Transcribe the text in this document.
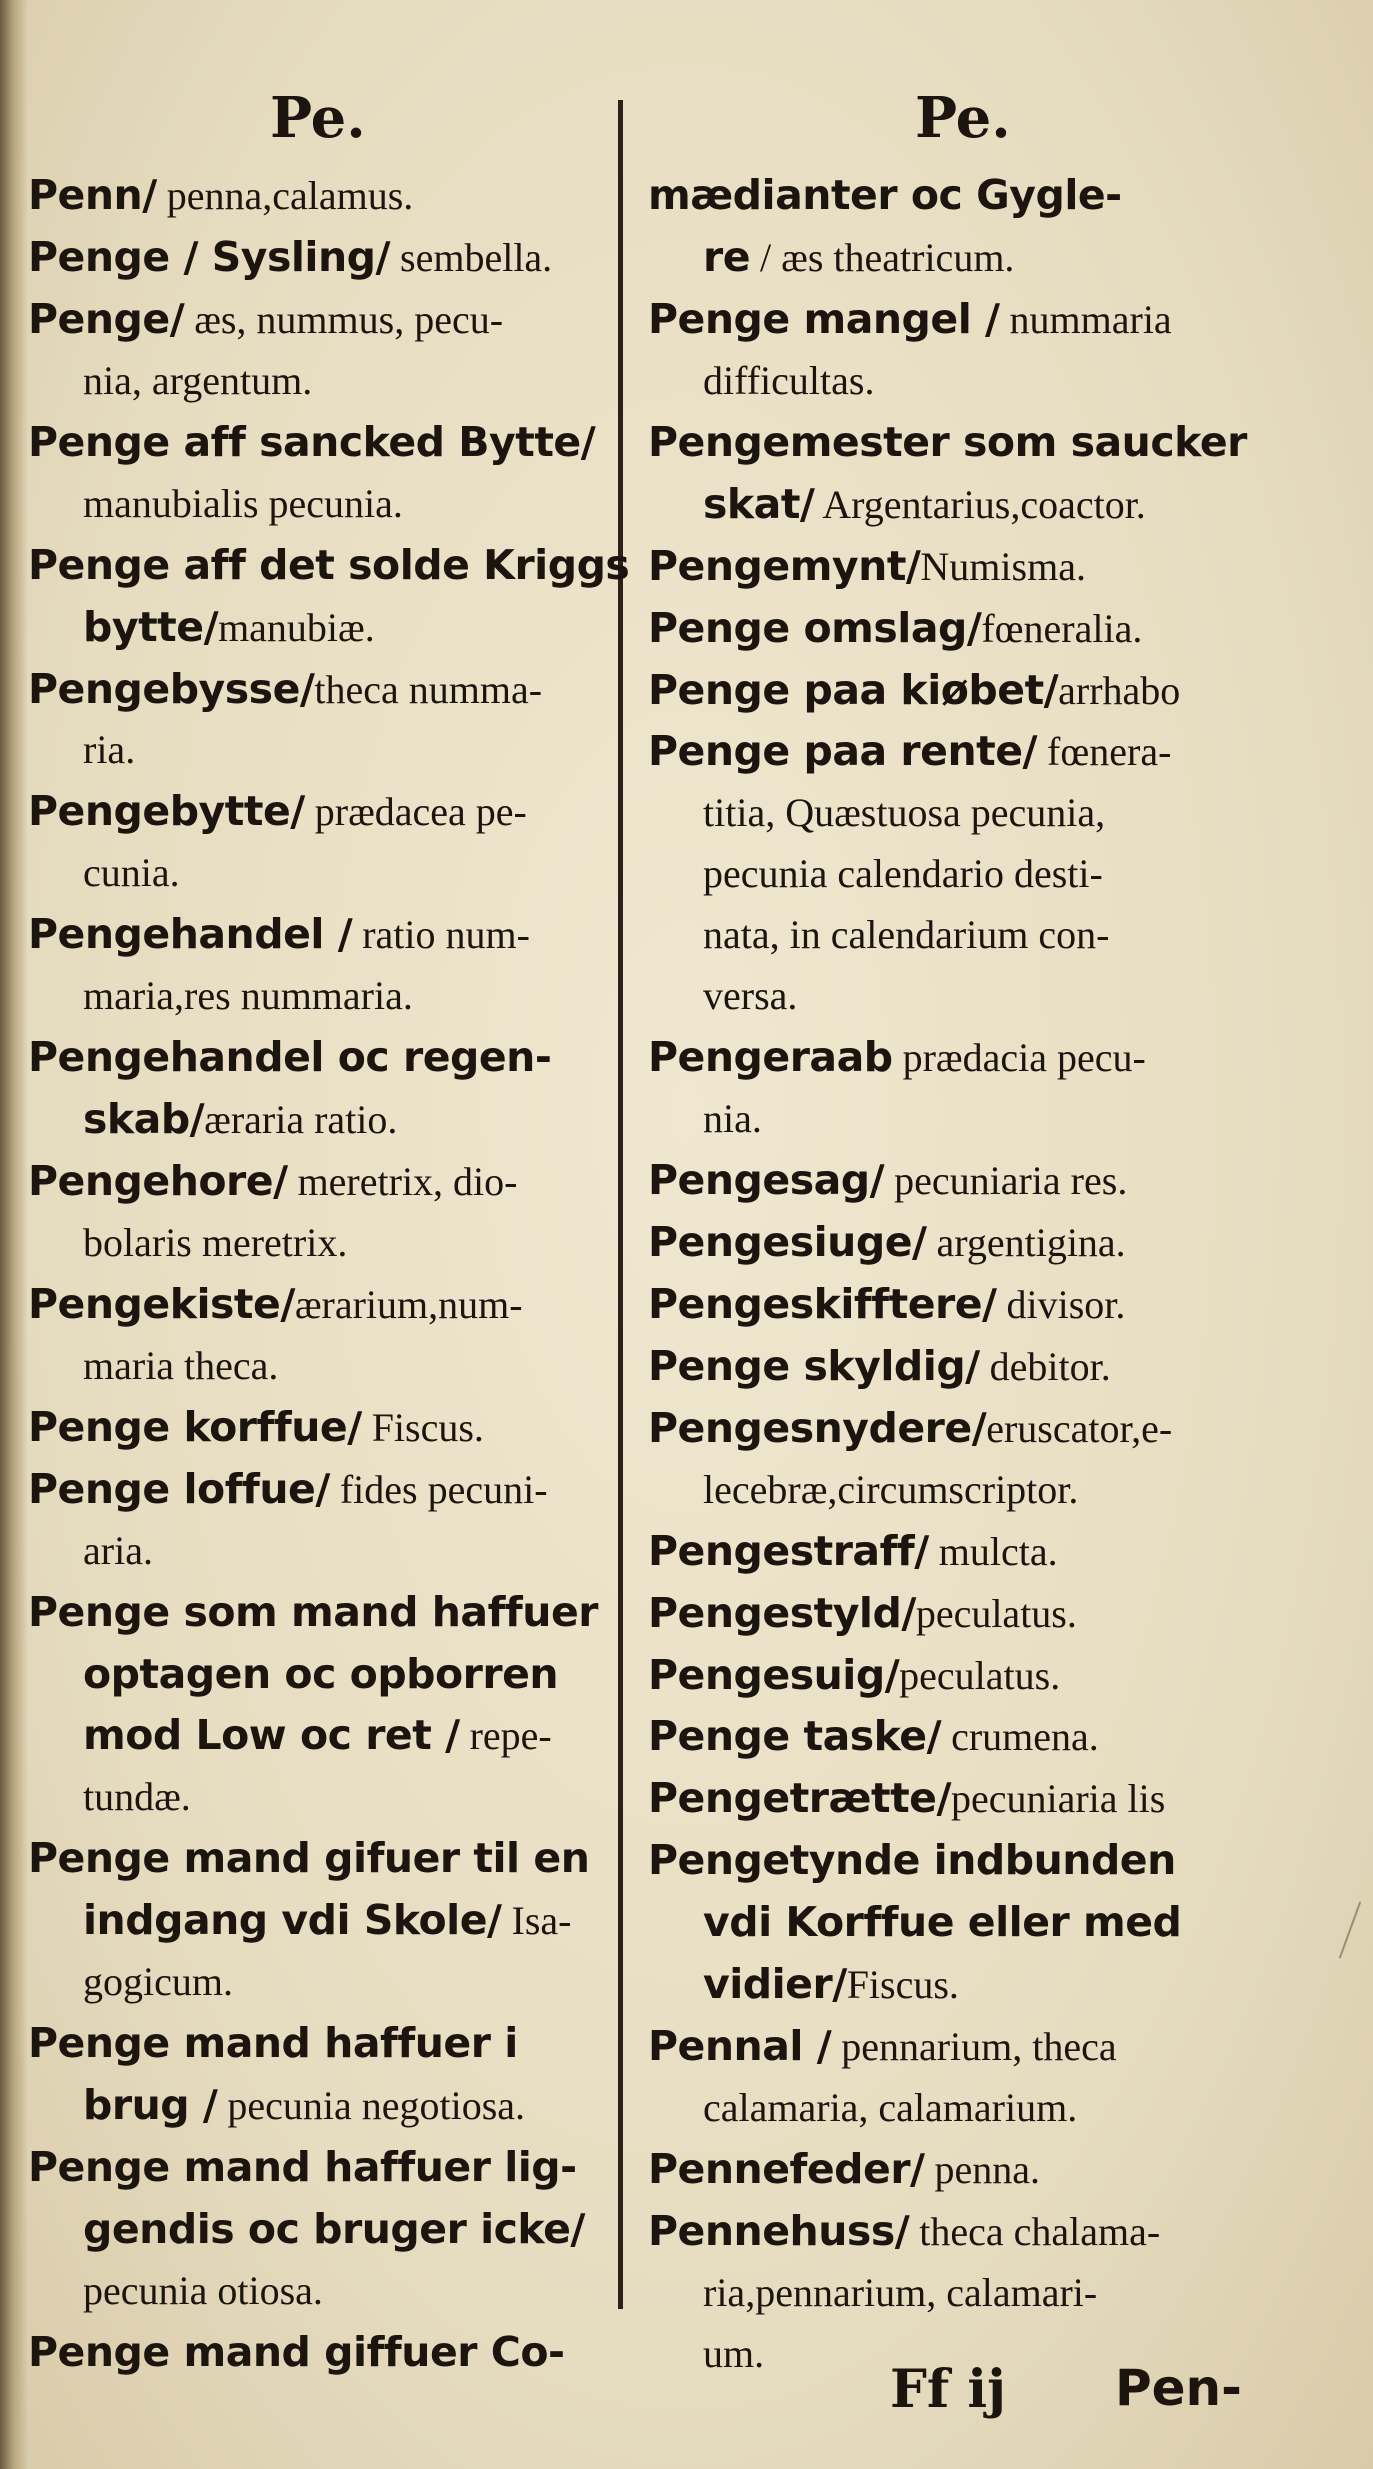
Pe.	Pe.
Penn/ penna,calamus.
Penge / Sysling/ sembella.
Penge/ æs, nummus, pecu-
nia, argentum.
Penge aff sancked Bytte/
manubialis pecunia.
Penge aff det solde Kriggs
bytte/manubiæ.
Pengebysse/theca numma-
ria.
Pengebytte/ prædacea pe-
cunia.
Pengehandel / ratio num-
maria,res nummaria.
Pengehandel oc regen-
skab/æraria ratio.
Pengehore/ meretrix, dio-
bolaris meretrix.
Pengekiste/ærarium,num-
maria theca.
Penge korffue/ Fiscus.
Penge loffue/ fides pecuni-
aria.
Penge som mand haffuer
optagen oc opborren
mod Low oc ret / repe-
tundæ.
Penge mand gifuer til en
indgang vdi Skole/ Isa-
gogicum.
Penge mand haffuer i
brug / pecunia negotiosa.
Penge mand haffuer lig-
gendis oc bruger icke/
pecunia otiosa.
Penge mand giffuer Co-
mædianter oc Gygle-
re / æs theatricum.
Penge mangel / nummaria
difficultas.
Pengemester som saucker
skat/ Argentarius,coactor.
Pengemynt/Numisma.
Penge omslag/fœneralia.
Penge paa kiøbet/arrhabo
Penge paa rente/ fœnera-
titia, Quæstuosa pecunia,
pecunia calendario desti-
nata, in calendarium con-
versa.
Pengeraab prædacia pecu-
nia.
Pengesag/ pecuniaria res.
Pengesiuge/ argentigina.
Pengeskifftere/ divisor.
Penge skyldig/ debitor.
Pengesnydere/eruscator,e-
lecebræ,circumscriptor.
Pengestraff/ mulcta.
Pengestyld/peculatus.
Pengesuig/peculatus.
Penge taske/ crumena.
Pengetrætte/pecuniaria lis
Pengetynde indbunden
vdi Korffue eller med
vidier/Fiscus.
Pennal / pennarium, theca
calamaria, calamarium.
Pennefeder/ penna.
Pennehuss/ theca chalama-
ria,pennarium, calamari-
um.
Ff ij Pen-
